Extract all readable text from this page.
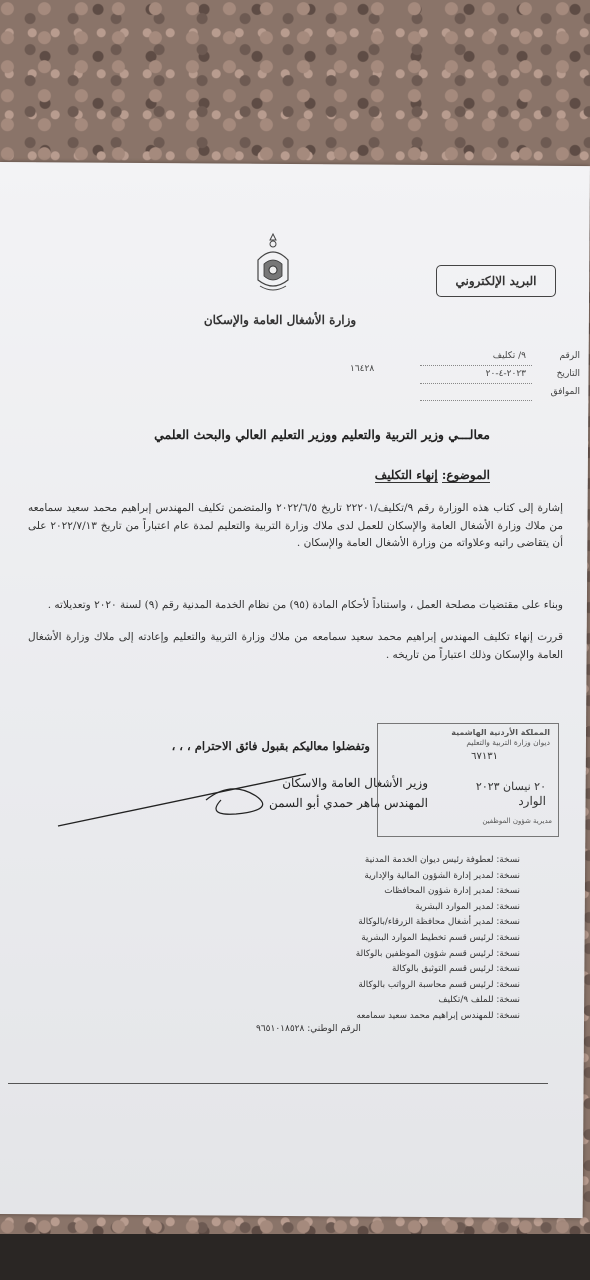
البريد الإلكتروني
وزارة الأشغال العامة والإسكان
الرقم
٩/ تكليف
التاريخ
٢٠٢٣-٤-٢٠
الموافق
١٦٤٢٨
معالـــي وزير التربية والتعليم ووزير التعليم العالي والبحث العلمي
الموضوع: إنهاء التكليف
إشارة إلى كتاب هذه الوزارة رقم ٩/تكليف/٢٢٢٠١ تاريخ ٢٠٢٢/٦/٥ والمتضمن تكليف المهندس إبراهيم محمد سعيد سمامعه من ملاك وزارة الأشغال العامة والإسكان للعمل لدى ملاك وزارة التربية والتعليم لمدة عام اعتباراً من تاريخ ٢٠٢٢/٧/١٣ على أن يتقاضى راتبه وعلاواته من وزارة الأشغال العامة والإسكان .
وبناء على مقتضيات مصلحة العمل ، واستناداً لأحكام المادة (٩٥) من نظام الخدمة المدنية رقم (٩) لسنة ٢٠٢٠ وتعديلاته .
قررت إنهاء تكليف المهندس إبراهيم محمد سعيد سمامعه من ملاك وزارة التربية والتعليم وإعادته إلى ملاك وزارة الأشغال العامة والإسكان وذلك اعتباراً من تاريخه .
وتفضلوا معاليكم بقبول فائق الاحترام ، ، ،
وزير الأشغال العامة والاسكان
المهندس ماهر حمدي أبو السمن
المملكة الأردنية الهاشمية
ديوان وزارة التربية والتعليم
٦٧١٣١
٢٠ نيسان ٢٠٢٣
الوارد
مديرية شؤون الموظفين
نسخة: لعطوفة رئيس ديوان الخدمة المدنية
نسخة: لمدير إدارة الشؤون المالية والإدارية
نسخة: لمدير إدارة شؤون المحافظات
نسخة: لمدير الموارد البشرية
نسخة: لمدير أشغال محافظة الزرقاء/بالوكالة
نسخة: لرئيس قسم تخطيط الموارد البشرية
نسخة: لرئيس قسم شؤون الموظفين بالوكالة
نسخة: لرئيس قسم التوثيق بالوكالة
نسخة: لرئيس قسم محاسبة الرواتب بالوكالة
نسخة: للملف ٩/تكليف
نسخة: للمهندس إبراهيم محمد سعيد سمامعه
الرقم الوطني: ٩٦٥١٠١٨٥٢٨
